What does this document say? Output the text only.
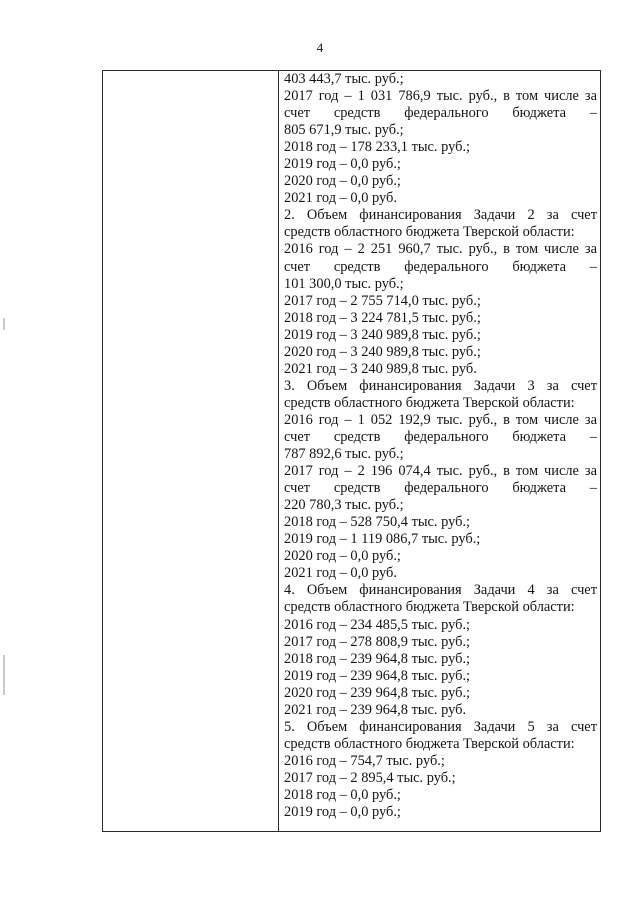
4
403 443,7 тыс. руб.;
2017 год – 1 031 786,9 тыс. руб., в том числе за
счет средств федерального бюджета –
805 671,9 тыс. руб.;
2018 год – 178 233,1 тыс. руб.;
2019 год – 0,0 руб.;
2020 год – 0,0 руб.;
2021 год – 0,0 руб.
2. Объем финансирования Задачи 2 за счет
средств областного бюджета Тверской области:
2016 год – 2 251 960,7 тыс. руб., в том числе за
счет средств федерального бюджета –
101 300,0 тыс. руб.;
2017 год – 2 755 714,0 тыс. руб.;
2018 год – 3 224 781,5 тыс. руб.;
2019 год – 3 240 989,8 тыс. руб.;
2020 год – 3 240 989,8 тыс. руб.;
2021 год – 3 240 989,8 тыс. руб.
3. Объем финансирования Задачи 3 за счет
средств областного бюджета Тверской области:
2016 год – 1 052 192,9 тыс. руб., в том числе за
счет средств федерального бюджета –
787 892,6 тыс. руб.;
2017 год – 2 196 074,4 тыс. руб., в том числе за
счет средств федерального бюджета –
220 780,3 тыс. руб.;
2018 год – 528 750,4 тыс. руб.;
2019 год – 1 119 086,7 тыс. руб.;
2020 год – 0,0 руб.;
2021 год – 0,0 руб.
4. Объем финансирования Задачи 4 за счет
средств областного бюджета Тверской области:
2016 год – 234 485,5 тыс. руб.;
2017 год – 278 808,9 тыс. руб.;
2018 год – 239 964,8 тыс. руб.;
2019 год – 239 964,8 тыс. руб.;
2020 год – 239 964,8 тыс. руб.;
2021 год – 239 964,8 тыс. руб.
5. Объем финансирования Задачи 5 за счет
средств областного бюджета Тверской области:
2016 год – 754,7 тыс. руб.;
2017 год – 2 895,4 тыс. руб.;
2018 год – 0,0 руб.;
2019 год – 0,0 руб.;
